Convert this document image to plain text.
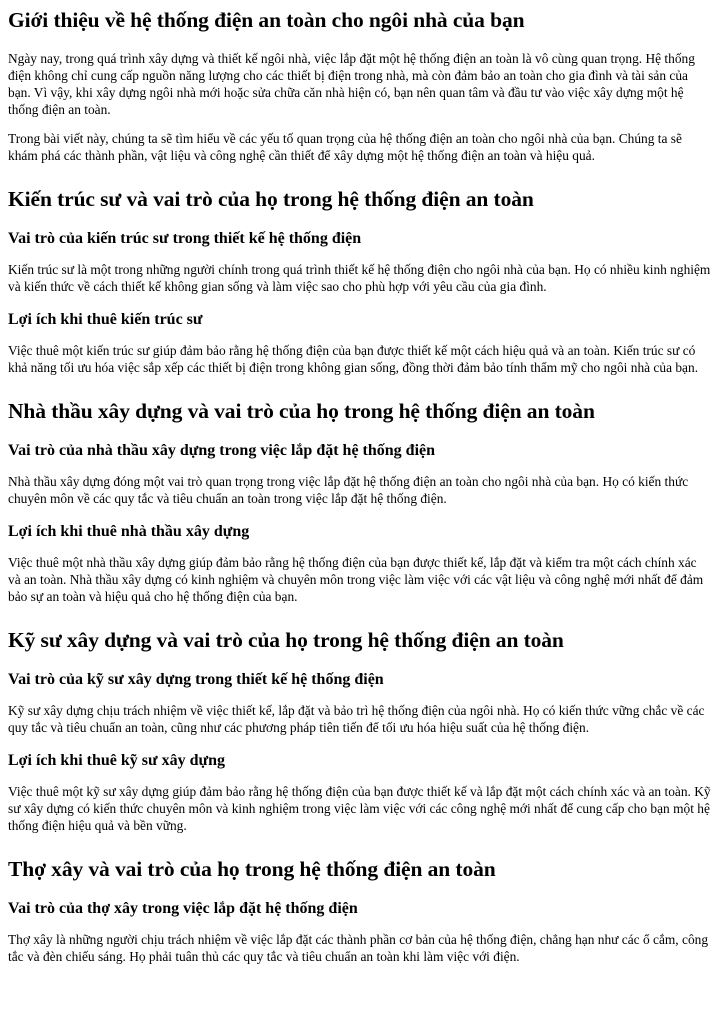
Giới thiệu về hệ thống điện an toàn cho ngôi nhà của bạn

Ngày nay, trong quá trình xây dựng và thiết kế ngôi nhà, việc lắp đặt một hệ thống điện an toàn là vô cùng quan trọng. Hệ thống điện không chỉ cung cấp nguồn năng lượng cho các thiết bị điện trong nhà, mà còn đảm bảo an toàn cho gia đình và tài sản của bạn. Vì vậy, khi xây dựng ngôi nhà mới hoặc sửa chữa căn nhà hiện có, bạn nên quan tâm và đầu tư vào việc xây dựng một hệ thống điện an toàn.

Trong bài viết này, chúng ta sẽ tìm hiểu về các yếu tố quan trọng của hệ thống điện an toàn cho ngôi nhà của bạn. Chúng ta sẽ khám phá các thành phần, vật liệu và công nghệ cần thiết để xây dựng một hệ thống điện an toàn và hiệu quả.

Kiến trúc sư và vai trò của họ trong hệ thống điện an toàn
Vai trò của kiến trúc sư trong thiết kế hệ thống điện

Kiến trúc sư là một trong những người chính trong quá trình thiết kế hệ thống điện cho ngôi nhà của bạn. Họ có nhiều kinh nghiệm và kiến thức về cách thiết kế không gian sống và làm việc sao cho phù hợp với yêu cầu của gia đình.

Lợi ích khi thuê kiến trúc sư

Việc thuê một kiến trúc sư giúp đảm bảo rằng hệ thống điện của bạn được thiết kế một cách hiệu quả và an toàn. Kiến trúc sư có khả năng tối ưu hóa việc sắp xếp các thiết bị điện trong không gian sống, đồng thời đảm bảo tính thẩm mỹ cho ngôi nhà của bạn.

Nhà thầu xây dựng và vai trò của họ trong hệ thống điện an toàn
Vai trò của nhà thầu xây dựng trong việc lắp đặt hệ thống điện

Nhà thầu xây dựng đóng một vai trò quan trọng trong việc lắp đặt hệ thống điện an toàn cho ngôi nhà của bạn. Họ có kiến thức chuyên môn về các quy tắc và tiêu chuẩn an toàn trong việc lắp đặt hệ thống điện.

Lợi ích khi thuê nhà thầu xây dựng

Việc thuê một nhà thầu xây dựng giúp đảm bảo rằng hệ thống điện của bạn được thiết kế, lắp đặt và kiểm tra một cách chính xác và an toàn. Nhà thầu xây dựng có kinh nghiệm và chuyên môn trong việc làm việc với các vật liệu và công nghệ mới nhất để đảm bảo sự an toàn và hiệu quả cho hệ thống điện của bạn.

Kỹ sư xây dựng và vai trò của họ trong hệ thống điện an toàn
Vai trò của kỹ sư xây dựng trong thiết kế hệ thống điện

Kỹ sư xây dựng chịu trách nhiệm về việc thiết kế, lắp đặt và bảo trì hệ thống điện của ngôi nhà. Họ có kiến thức vững chắc về các quy tắc và tiêu chuẩn an toàn, cũng như các phương pháp tiên tiến để tối ưu hóa hiệu suất của hệ thống điện.

Lợi ích khi thuê kỹ sư xây dựng

Việc thuê một kỹ sư xây dựng giúp đảm bảo rằng hệ thống điện của bạn được thiết kế và lắp đặt một cách chính xác và an toàn. Kỹ sư xây dựng có kiến thức chuyên môn và kinh nghiệm trong việc làm việc với các công nghệ mới nhất để cung cấp cho bạn một hệ thống điện hiệu quả và bền vững.

Thợ xây và vai trò của họ trong hệ thống điện an toàn
Vai trò của thợ xây trong việc lắp đặt hệ thống điện

Thợ xây là những người chịu trách nhiệm về việc lắp đặt các thành phần cơ bản của hệ thống điện, chẳng hạn như các ổ cắm, công tắc và đèn chiếu sáng. Họ phải tuân thủ các quy tắc và tiêu chuẩn an toàn khi làm việc với điện.
